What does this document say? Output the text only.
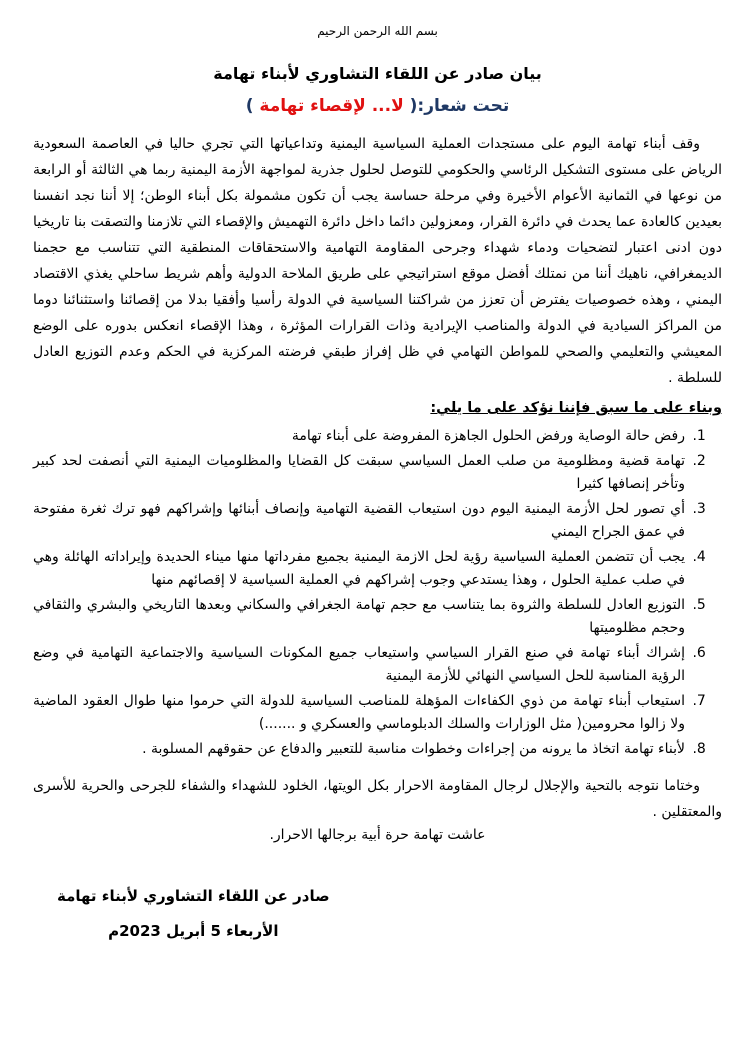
بسم الله الرحمن الرحيم

بيان صادر عن اللقاء التشاوري لأبناء تهامة

تحت شعار:( لا... لإقصاء تهامة )

وقف أبناء تهامة اليوم على مستجدات العملية السياسية اليمنية وتداعياتها التي تجري حاليا في العاصمة السعودية الرياض على مستوى التشكيل الرئاسي والحكومي للتوصل لحلول جذرية لمواجهة الأزمة اليمنية ربما هي الثالثة أو الرابعة من نوعها في الثمانية الأعوام الأخيرة وفي مرحلة حساسة يجب أن تكون مشمولة بكل أبناء الوطن؛ إلا أننا نجد انفسنا بعيدين كالعادة عما يحدث في دائرة القرار، ومعزولين دائما داخل دائرة التهميش والإقصاء التي تلازمنا والتصقت بنا تاريخيا دون ادنى اعتبار لتضحيات ودماء شهداء وجرحى المقاومة التهامية والاستحقاقات المنطقية التي تتناسب مع حجمنا الديمغرافي، ناهيك أننا من نمتلك أفضل موقع استراتيجي على طريق الملاحة الدولية وأهم شريط ساحلي يغذي الاقتصاد اليمني ، وهذه خصوصيات يفترض أن تعزز من شراكتنا السياسية في الدولة رأسيا وأفقيا بدلا من إقصائنا واستثنائنا دوما من المراكز السيادية في الدولة والمناصب الإيرادية وذات القرارات المؤثرة ، وهذا الإقصاء انعكس بدوره على الوضع المعيشي والتعليمي والصحي للمواطن التهامي في ظل إفراز طبقي فرضته المركزية في الحكم وعدم التوزيع العادل للسلطة .

وبناء على ما سبق فإننا نؤكد على ما يلي:

1. رفض حالة الوصاية ورفض الحلول الجاهزة المفروضة على أبناء تهامة
2. تهامة قضية ومظلومية من صلب العمل السياسي سبقت كل القضايا والمظلوميات اليمنية التي أنصفت لحد كبير وتأخر إنصافها كثيرا
3. أي تصور لحل الأزمة اليمنية اليوم دون استيعاب القضية التهامية وإنصاف أبنائها وإشراكهم فهو ترك ثغرة مفتوحة في عمق الجراح اليمني
4. يجب أن تتضمن العملية السياسية رؤية لحل الازمة اليمنية بجميع مفرداتها منها ميناء الحديدة وإيراداته الهائلة وهي في صلب عملية الحلول ، وهذا يستدعي وجوب إشراكهم في العملية السياسية لا إقصائهم منها
5. التوزيع العادل للسلطة والثروة بما يتناسب مع حجم تهامة الجغرافي والسكاني وبعدها التاريخي والبشري والثقافي وحجم مظلوميتها
6. إشراك أبناء تهامة في صنع القرار السياسي واستيعاب جميع المكونات السياسية والاجتماعية التهامية في وضع الرؤية المناسبة للحل السياسي النهائي للأزمة اليمنية
7. استيعاب أبناء تهامة من ذوي الكفاءات المؤهلة للمناصب السياسية للدولة التي حرموا منها طوال العقود الماضية ولا زالوا محرومين( مثل الوزارات والسلك الدبلوماسي والعسكري و .......)
8. لأبناء تهامة اتخاذ ما يرونه من إجراءات وخطوات مناسبة للتعبير والدفاع عن حقوقهم المسلوبة .

وختاما نتوجه بالتحية والإجلال لرجال المقاومة الاحرار بكل الويتها، الخلود للشهداء والشفاء للجرحى والحرية للأسرى والمعتقلين .

عاشت تهامة حرة أبية برجالها الاحرار.

صادر عن اللقاء التشاوري لأبناء تهامة

الأربعاء 5 أبريل 2023م
